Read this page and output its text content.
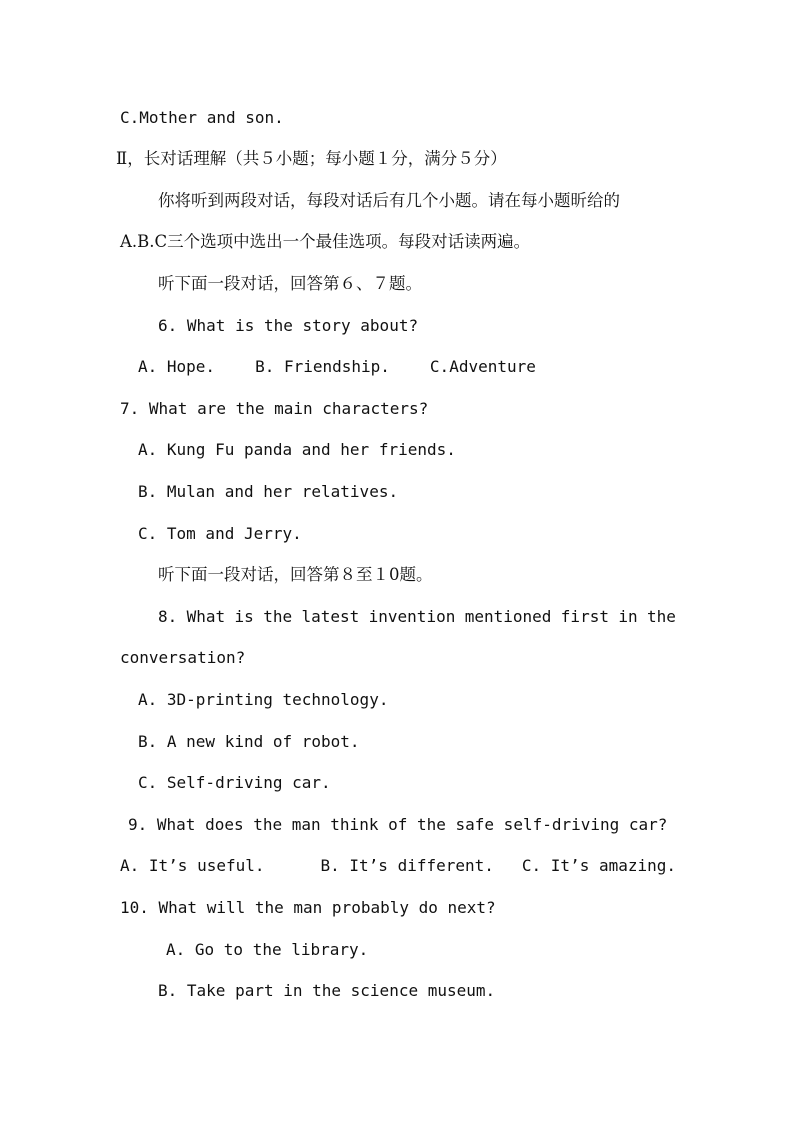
C.Mother and son.
Ⅱ，长对话理解（共５小题；每小题１分，满分５分）
你将听到两段对话，每段对话后有几个小题。请在每小题昕给的
A.B.C三个选项中选出一个最佳选项。每段对话读两遍。
听下面一段对话，回答第６、７题。
6. What is the story about?
A. Hope.	B. Friendship.	C.Adventure
7. What are the main characters?
A. Kung Fu panda and her friends.
B. Mulan and her relatives.
C. Tom and Jerry.
听下面一段对话，回答第８至１0题。
8. What is the latest invention mentioned first in the
conversation?
A. 3D-printing technology.
B. A new kind of robot.
C. Self-driving car.
9. What does the man think of the safe self-driving car?
A. It’s useful.	B. It’s different. C. It’s amazing.
10. What will the man probably do next?
A. Go to the library.
B. Take part in the science museum.
